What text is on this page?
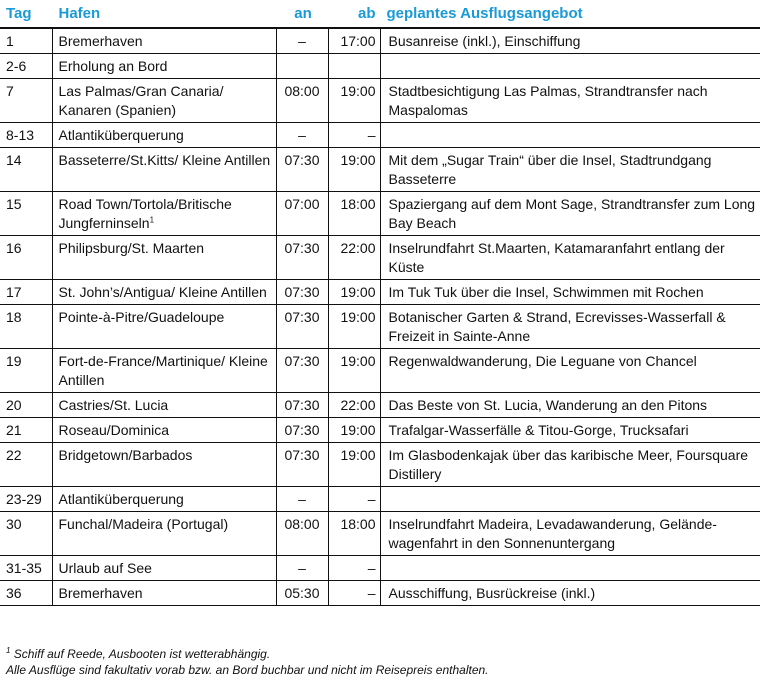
Tag	Hafen	an	ab	geplantes Ausflugsangebot
1	Bremerhaven	–	17:00	Busanreise (inkl.), Einschiffung
2-6	Erholung an Bord			
7	Las Palmas/Gran Canaria/ Kanaren (Spanien)	08:00	19:00	Stadtbesichtigung Las Palmas, Strandtransfer nach Maspalomas
8-13	Atlantiküberquerung	–	–	
14	Basseterre/St.Kitts/ Kleine Antillen	07:30	19:00	Mit dem „Sugar Train“ über die Insel, Stadtrundgang Basseterre
15	Road Town/Tortola/Britische Jungferninseln$^1$	07:00	18:00	Spaziergang auf dem Mont Sage, Strandtransfer zum Long Bay Beach
16	Philipsburg/St. Maarten	07:30	22:00	Inselrundfahrt St.Maarten, Katamaranfahrt entlang der Küste
17	St. John’s/Antigua/ Kleine Antillen	07:30	19:00	Im Tuk Tuk über die Insel, Schwimmen mit Rochen
18	Pointe-à-Pitre/Guadeloupe	07:30	19:00	Botanischer Garten & Strand, Ecrevisses-Wasserfall & Freizeit in Sainte-Anne
19	Fort-de-France/Martinique/ Kleine Antillen	07:30	19:00	Regenwaldwanderung, Die Leguane von Chancel
20	Castries/St. Lucia	07:30	22:00	Das Beste von St. Lucia, Wanderung an den Pitons
21	Roseau/Dominica	07:30	19:00	Trafalgar-Wasserfälle & Titou-Gorge, Trucksafari
22	Bridgetown/Barbados	07:30	19:00	Im Glasbodenkajak über das karibische Meer, Foursquare Distillery
23-29	Atlantiküberquerung	–	–	
30	Funchal/Madeira (Portugal)	08:00	18:00	Inselrundfahrt Madeira, Levadawanderung, Gelände- wagenfahrt in den Sonnenuntergang
31-35	Urlaub auf See	–	–	
36	Bremerhaven	05:30	–	Ausschiffung, Busrückreise (inkl.)
$^1$ Schiff auf Reede, Ausbooten ist wetterabhängig.
Alle Ausflüge sind fakultativ vorab bzw. an Bord buchbar und nicht im Reisepreis enthalten.
